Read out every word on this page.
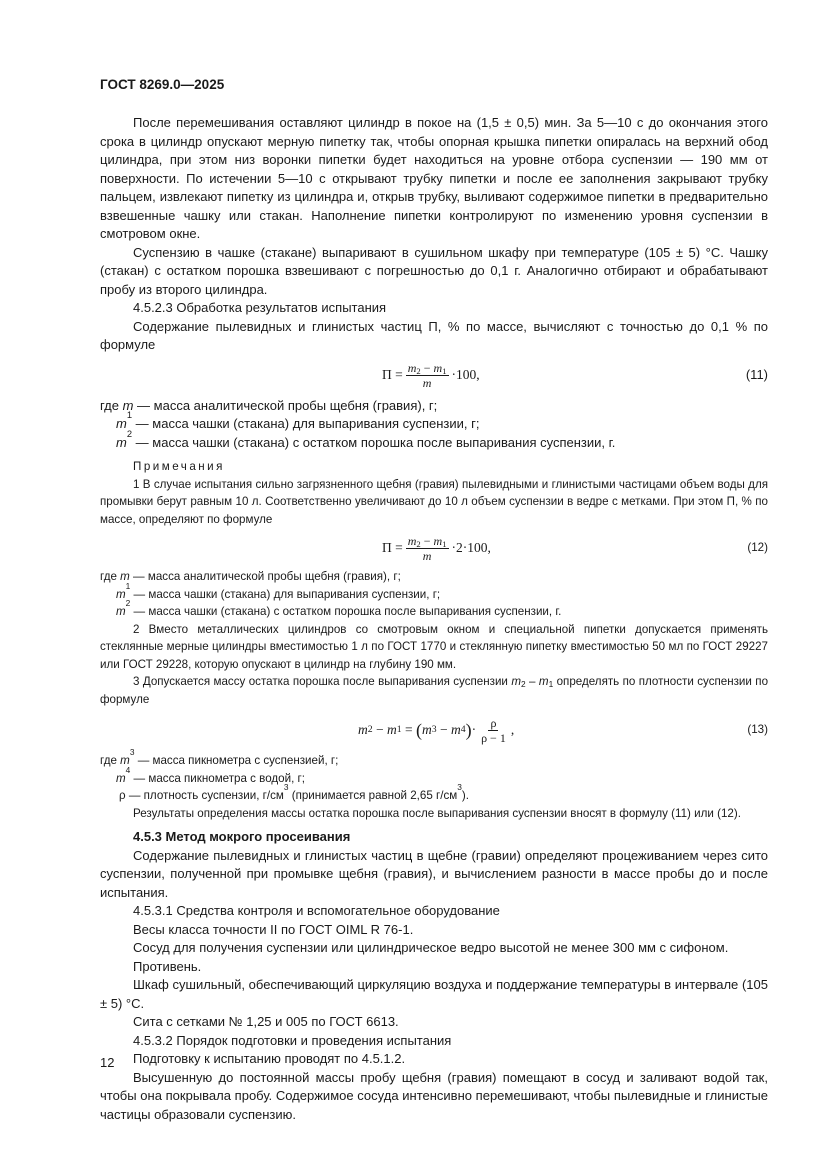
ГОСТ 8269.0—2025

После перемешивания оставляют цилиндр в покое на (1,5 ± 0,5) мин. За 5—10 с до окончания этого срока в цилиндр опускают мерную пипетку так, чтобы опорная крышка пипетки опиралась на верхний обод цилиндра, при этом низ воронки пипетки будет находиться на уровне отбора суспензии — 190 мм от поверхности. По истечении 5—10 с открывают трубку пипетки и после ее заполнения закрывают трубку пальцем, извлекают пипетку из цилиндра и, открыв трубку, выливают содержимое пипетки в предварительно взвешенные чашку или стакан. Наполнение пипетки контролируют по изменению уровня суспензии в смотровом окне.

Суспензию в чашке (стакане) выпаривают в сушильном шкафу при температуре (105 ± 5) °С. Чашку (стакан) с остатком порошка взвешивают с погрешностью до 0,1 г. Аналогично отбирают и обрабатывают пробу из второго цилиндра.

4.5.2.3 Обработка результатов испытания

Содержание пылевидных и глинистых частиц П, % по массе, вычисляют с точностью до 0,1 % по формуле

$П = \frac{m_2 - m_1}{m} \cdot 100$,	(11)

где m — масса аналитической пробы щебня (гравия), г;

m
1
— масса чашки (стакана) для выпаривания суспензии, г;

m
2
— масса чашки (стакана) с остатком порошка после выпаривания суспензии, г.

Примечания

1 В случае испытания сильно загрязненного щебня (гравия) пылевидными и глинистыми частицами объем воды для промывки берут равным 10 л. Соответственно увеличивают до 10 л объем суспензии в ведре с метками. При этом П, % по массе, определяют по формуле

$П = \frac{m_2 - m_1}{m} \cdot 2\cdot 100$,	(12)

где m — масса аналитической пробы щебня (гравия), г;

m
1
— масса чашки (стакана) для выпаривания суспензии, г;

m
2
— масса чашки (стакана) с остатком порошка после выпаривания суспензии, г.

2 Вместо металлических цилиндров со смотровым окном и специальной пипетки допускается применять стеклянные мерные цилиндры вместимостью 1 л по ГОСТ 1770 и стеклянную пипетку вместимостью 50 мл по ГОСТ 29227 или ГОСТ 29228, которую опускают в цилиндр на глубину 190 мм.

3 Допускается массу остатка порошка после выпаривания суспензии $m_2 - m_1$ определять по плотности суспензии по формуле

m 2 − m 1 = ( m 3 − m 4 ) · $\frac{\rho}{\rho - 1}$ ,	(13)

где m
3
— масса пикнометра с суспензией, г;

m
4
— масса пикнометра с водой, г;

ρ — плотность суспензии, г/см
3
(принимается равной 2,65 г/см
3
).

Результаты определения массы остатка порошка после выпаривания суспензии вносят в формулу (11) или (12).

4.5.3 Метод мокрого просеивания

Содержание пылевидных и глинистых частиц в щебне (гравии) определяют процеживанием через сито суспензии, полученной при промывке щебня (гравия), и вычислением разности в массе пробы до и после испытания.

4.5.3.1 Средства контроля и вспомогательное оборудование

Весы класса точности II по ГОСТ OIML R 76-1.

Сосуд для получения суспензии или цилиндрическое ведро высотой не менее 300 мм с сифоном.

Противень.

Шкаф сушильный, обеспечивающий циркуляцию воздуха и поддержание температуры в интервале (105 ± 5) °С.

Сита с сетками № 1,25 и 005 по ГОСТ 6613.

4.5.3.2 Порядок подготовки и проведения испытания

Подготовку к испытанию проводят по 4.5.1.2.

Высушенную до постоянной массы пробу щебня (гравия) помещают в сосуд и заливают водой так, чтобы она покрывала пробу. Содержимое сосуда интенсивно перемешивают, чтобы пылевидные и глинистые частицы образовали суспензию.

12
